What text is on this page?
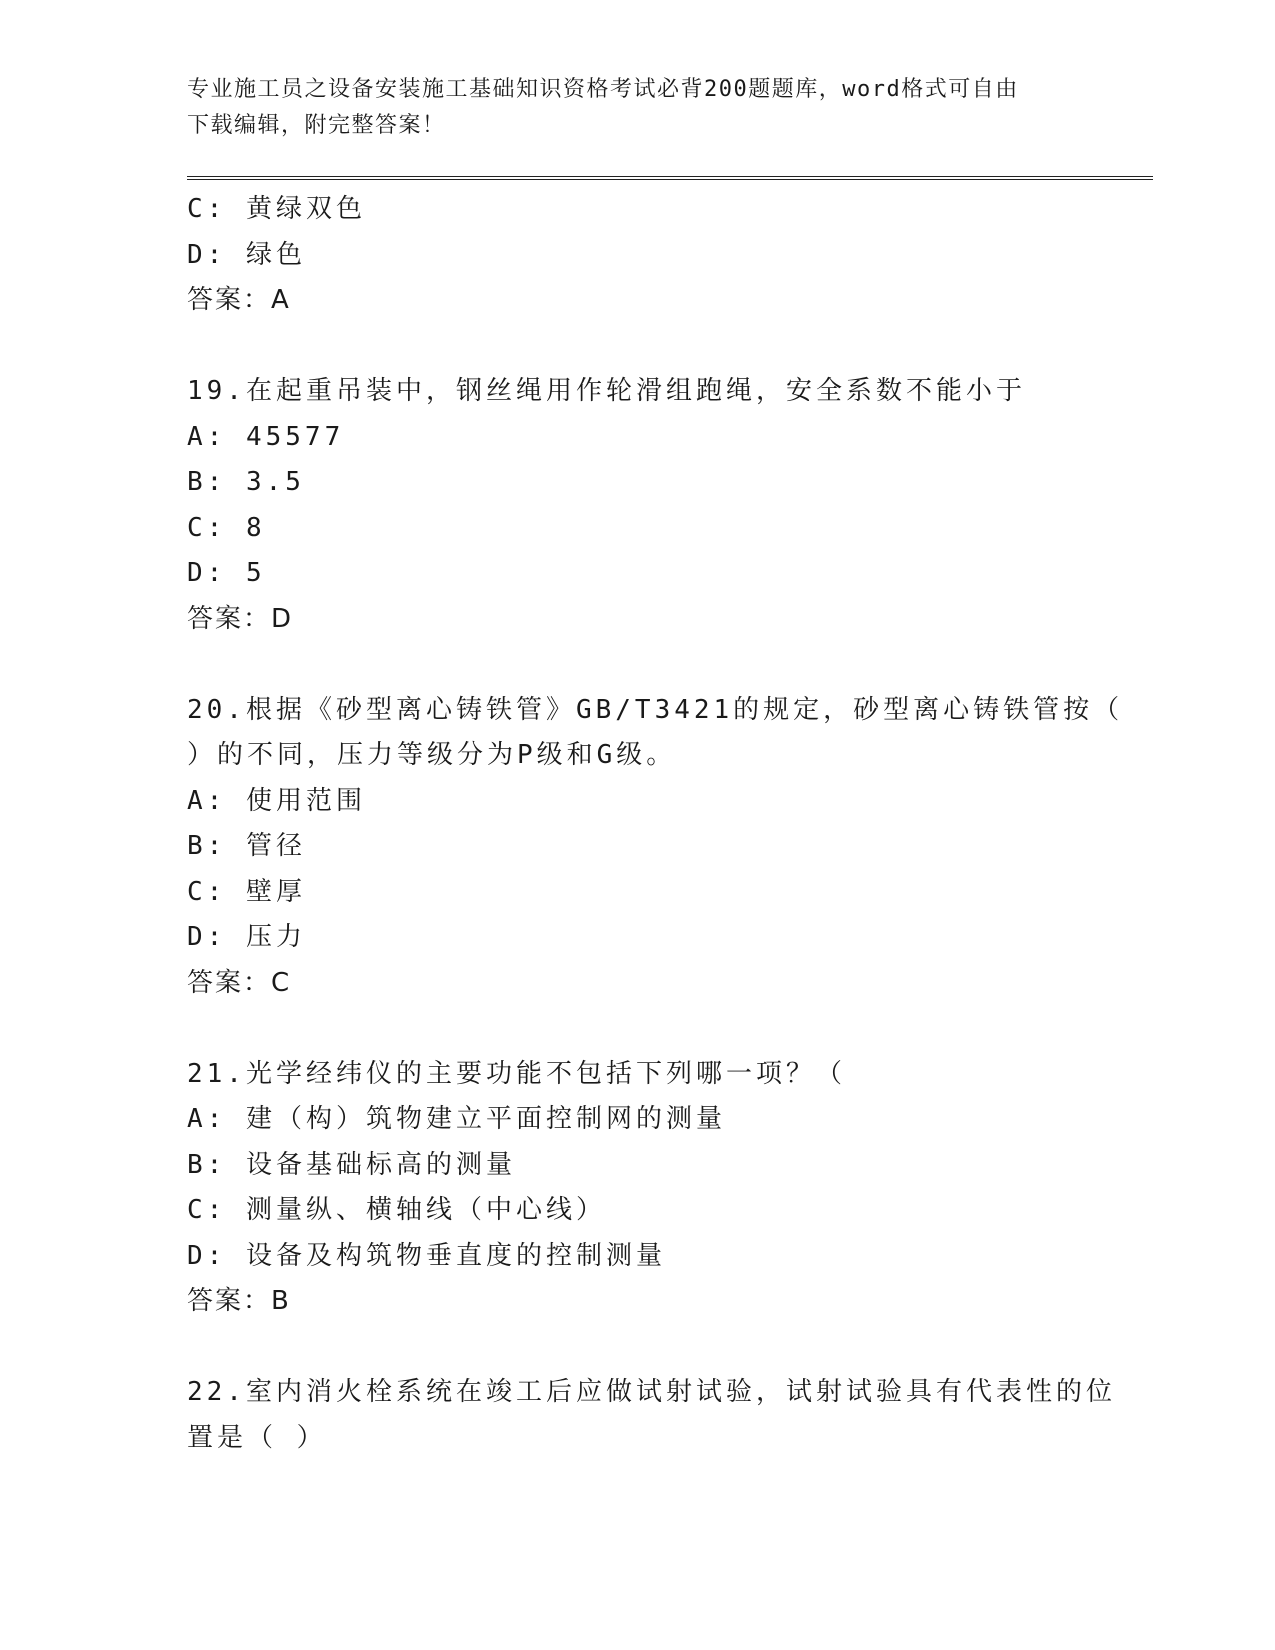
专业施工员之设备安装施工基础知识资格考试必背200题题库，word格式可自由
下载编辑，附完整答案！
C: 黄绿双色
D: 绿色
答案：A
19.在起重吊装中，钢丝绳用作轮滑组跑绳，安全系数不能小于
A: 45577
B: 3.5
C: 8
D: 5
答案：D
20.根据《砂型离心铸铁管》GB/T3421的规定，砂型离心铸铁管按（
）的不同，压力等级分为P级和G级。
A: 使用范围
B: 管径
C: 壁厚
D: 压力
答案：C
21.光学经纬仪的主要功能不包括下列哪一项？（
A: 建（构）筑物建立平面控制网的测量
B: 设备基础标高的测量
C: 测量纵、横轴线（中心线）
D: 设备及构筑物垂直度的控制测量
答案：B
22.室内消火栓系统在竣工后应做试射试验，试射试验具有代表性的位
置是（ ）
